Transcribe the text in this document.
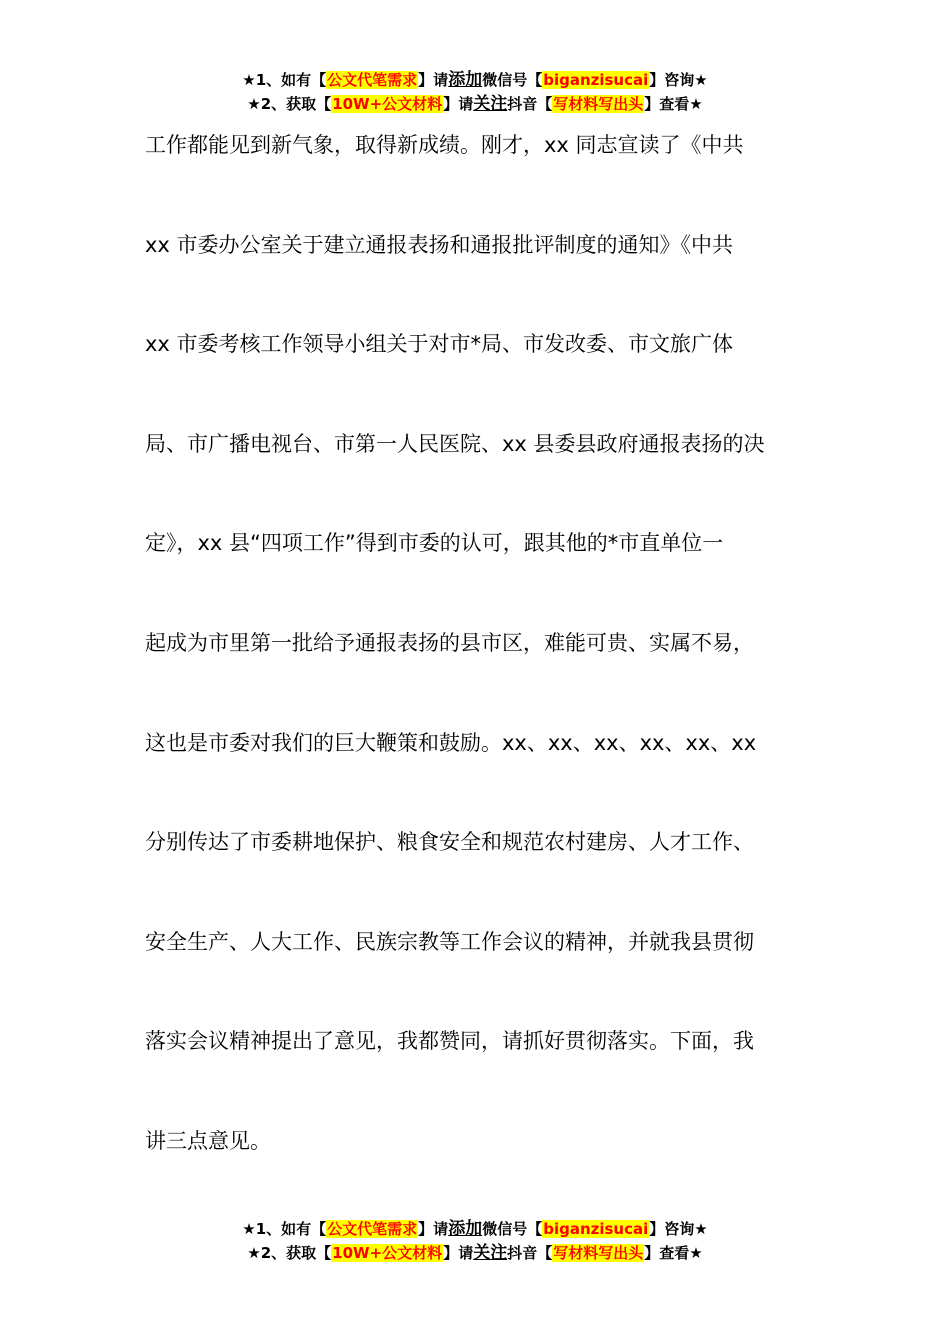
★1、如有【公文代笔需求】请添加微信号【biganzisucai】咨询★
★2、获取【10W+公文材料】请关注抖音【写材料写出头】查看★
工作都能见到新气象，取得新成绩。刚才，xx 同志宣读了《中共
xx 市委办公室关于建立通报表扬和通报批评制度的通知》《中共
xx 市委考核工作领导小组关于对市*局、市发改委、市文旅广体
局、市广播电视台、市第一人民医院、xx 县委县政府通报表扬的决
定》，xx 县“四项工作”得到市委的认可，跟其他的*市直单位一
起成为市里第一批给予通报表扬的县市区，难能可贵、实属不易，
这也是市委对我们的巨大鞭策和鼓励。xx、xx、xx、xx、xx、xx
分别传达了市委耕地保护、粮食安全和规范农村建房、人才工作、
安全生产、人大工作、民族宗教等工作会议的精神，并就我县贯彻
落实会议精神提出了意见，我都赞同，请抓好贯彻落实。下面，我
讲三点意见。
★1、如有【公文代笔需求】请添加微信号【biganzisucai】咨询★
★2、获取【10W+公文材料】请关注抖音【写材料写出头】查看★
